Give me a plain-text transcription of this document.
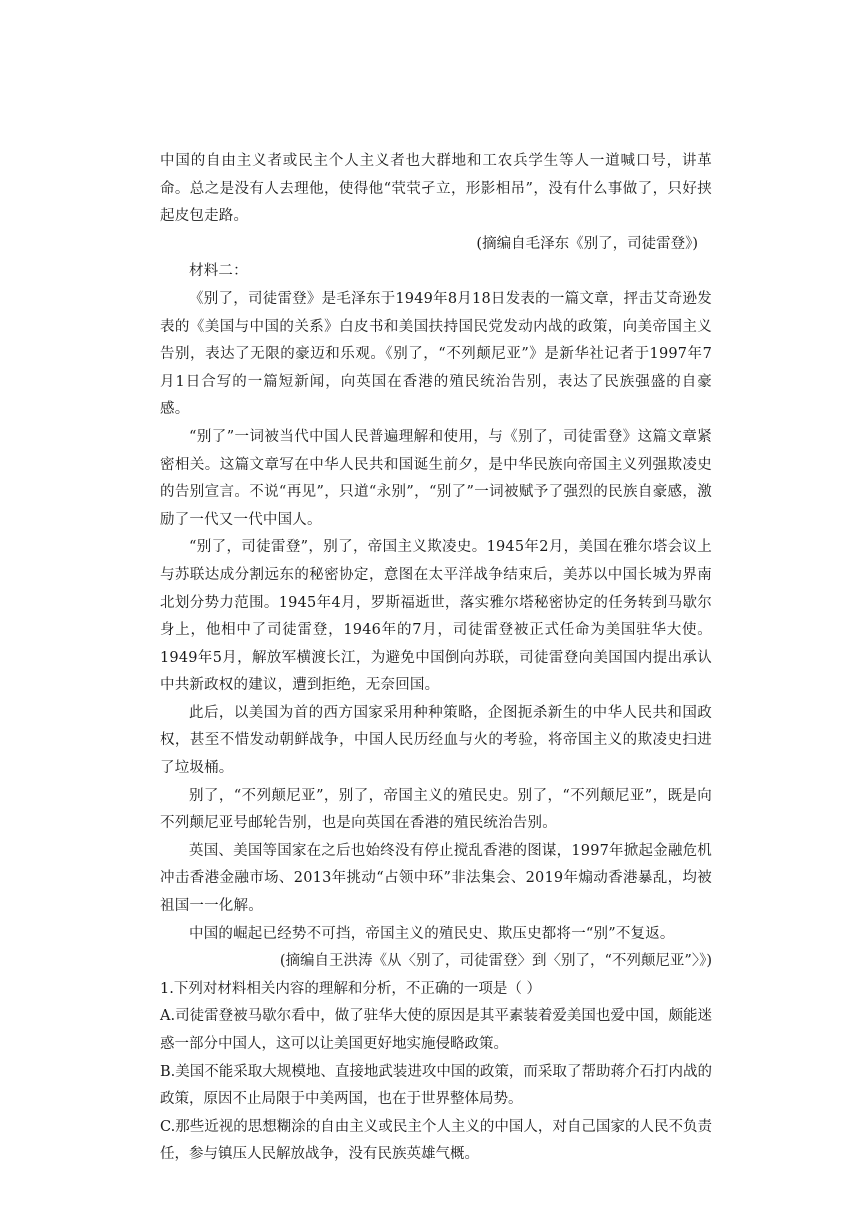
中国的自由主义者或民主个人主义者也大群地和工农兵学生等人一道喊口号，讲革命。总之是没有人去理他，使得他“茕茕孑立，形影相吊”，没有什么事做了，只好挟起皮包走路。

(摘编自毛泽东《别了，司徒雷登》)

材料二：

《别了，司徒雷登》是毛泽东于1949年8月18日发表的一篇文章，抨击艾奇逊发表的《美国与中国的关系》白皮书和美国扶持国民党发动内战的政策，向美帝国主义告别，表达了无限的豪迈和乐观。《别了，“不列颠尼亚”》是新华社记者于1997年7月1日合写的一篇短新闻，向英国在香港的殖民统治告别，表达了民族强盛的自豪感。

“别了”一词被当代中国人民普遍理解和使用，与《别了，司徒雷登》这篇文章紧密相关。这篇文章写在中华人民共和国诞生前夕，是中华民族向帝国主义列强欺凌史的告别宣言。不说“再见”，只道“永别”，“别了”一词被赋予了强烈的民族自豪感，激励了一代又一代中国人。

“别了，司徒雷登”，别了，帝国主义欺凌史。1945年2月，美国在雅尔塔会议上与苏联达成分割远东的秘密协定，意图在太平洋战争结束后，美苏以中国长城为界南北划分势力范围。1945年4月，罗斯福逝世，落实雅尔塔秘密协定的任务转到马歇尔身上，他相中了司徒雷登，1946年的7月，司徒雷登被正式任命为美国驻华大使。1949年5月，解放军横渡长江，为避免中国倒向苏联，司徒雷登向美国国内提出承认中共新政权的建议，遭到拒绝，无奈回国。

此后，以美国为首的西方国家采用种种策略，企图扼杀新生的中华人民共和国政权，甚至不惜发动朝鲜战争，中国人民历经血与火的考验，将帝国主义的欺凌史扫进了垃圾桶。

别了，“不列颠尼亚”，别了，帝国主义的殖民史。别了，“不列颠尼亚”，既是向不列颠尼亚号邮轮告别，也是向英国在香港的殖民统治告别。

英国、美国等国家在之后也始终没有停止搅乱香港的图谋，1997年掀起金融危机冲击香港金融市场、2013年挑动“占领中环”非法集会、2019年煽动香港暴乱，均被祖国一一化解。

中国的崛起已经势不可挡，帝国主义的殖民史、欺压史都将一“别”不复返。

(摘编自王洪涛《从〈别了，司徒雷登〉到〈别了，“不列颠尼亚”〉》)

1.下列对材料相关内容的理解和分析，不正确的一项是（ ）

A.司徒雷登被马歇尔看中，做了驻华大使的原因是其平素装着爱美国也爱中国，颇能迷惑一部分中国人，这可以让美国更好地实施侵略政策。

B.美国不能采取大规模地、直接地武装进攻中国的政策，而采取了帮助蒋介石打内战的政策，原因不止局限于中美两国，也在于世界整体局势。

C.那些近视的思想糊涂的自由主义或民主个人主义的中国人，对自己国家的人民不负责任，参与镇压人民解放战争，没有民族英雄气概。
